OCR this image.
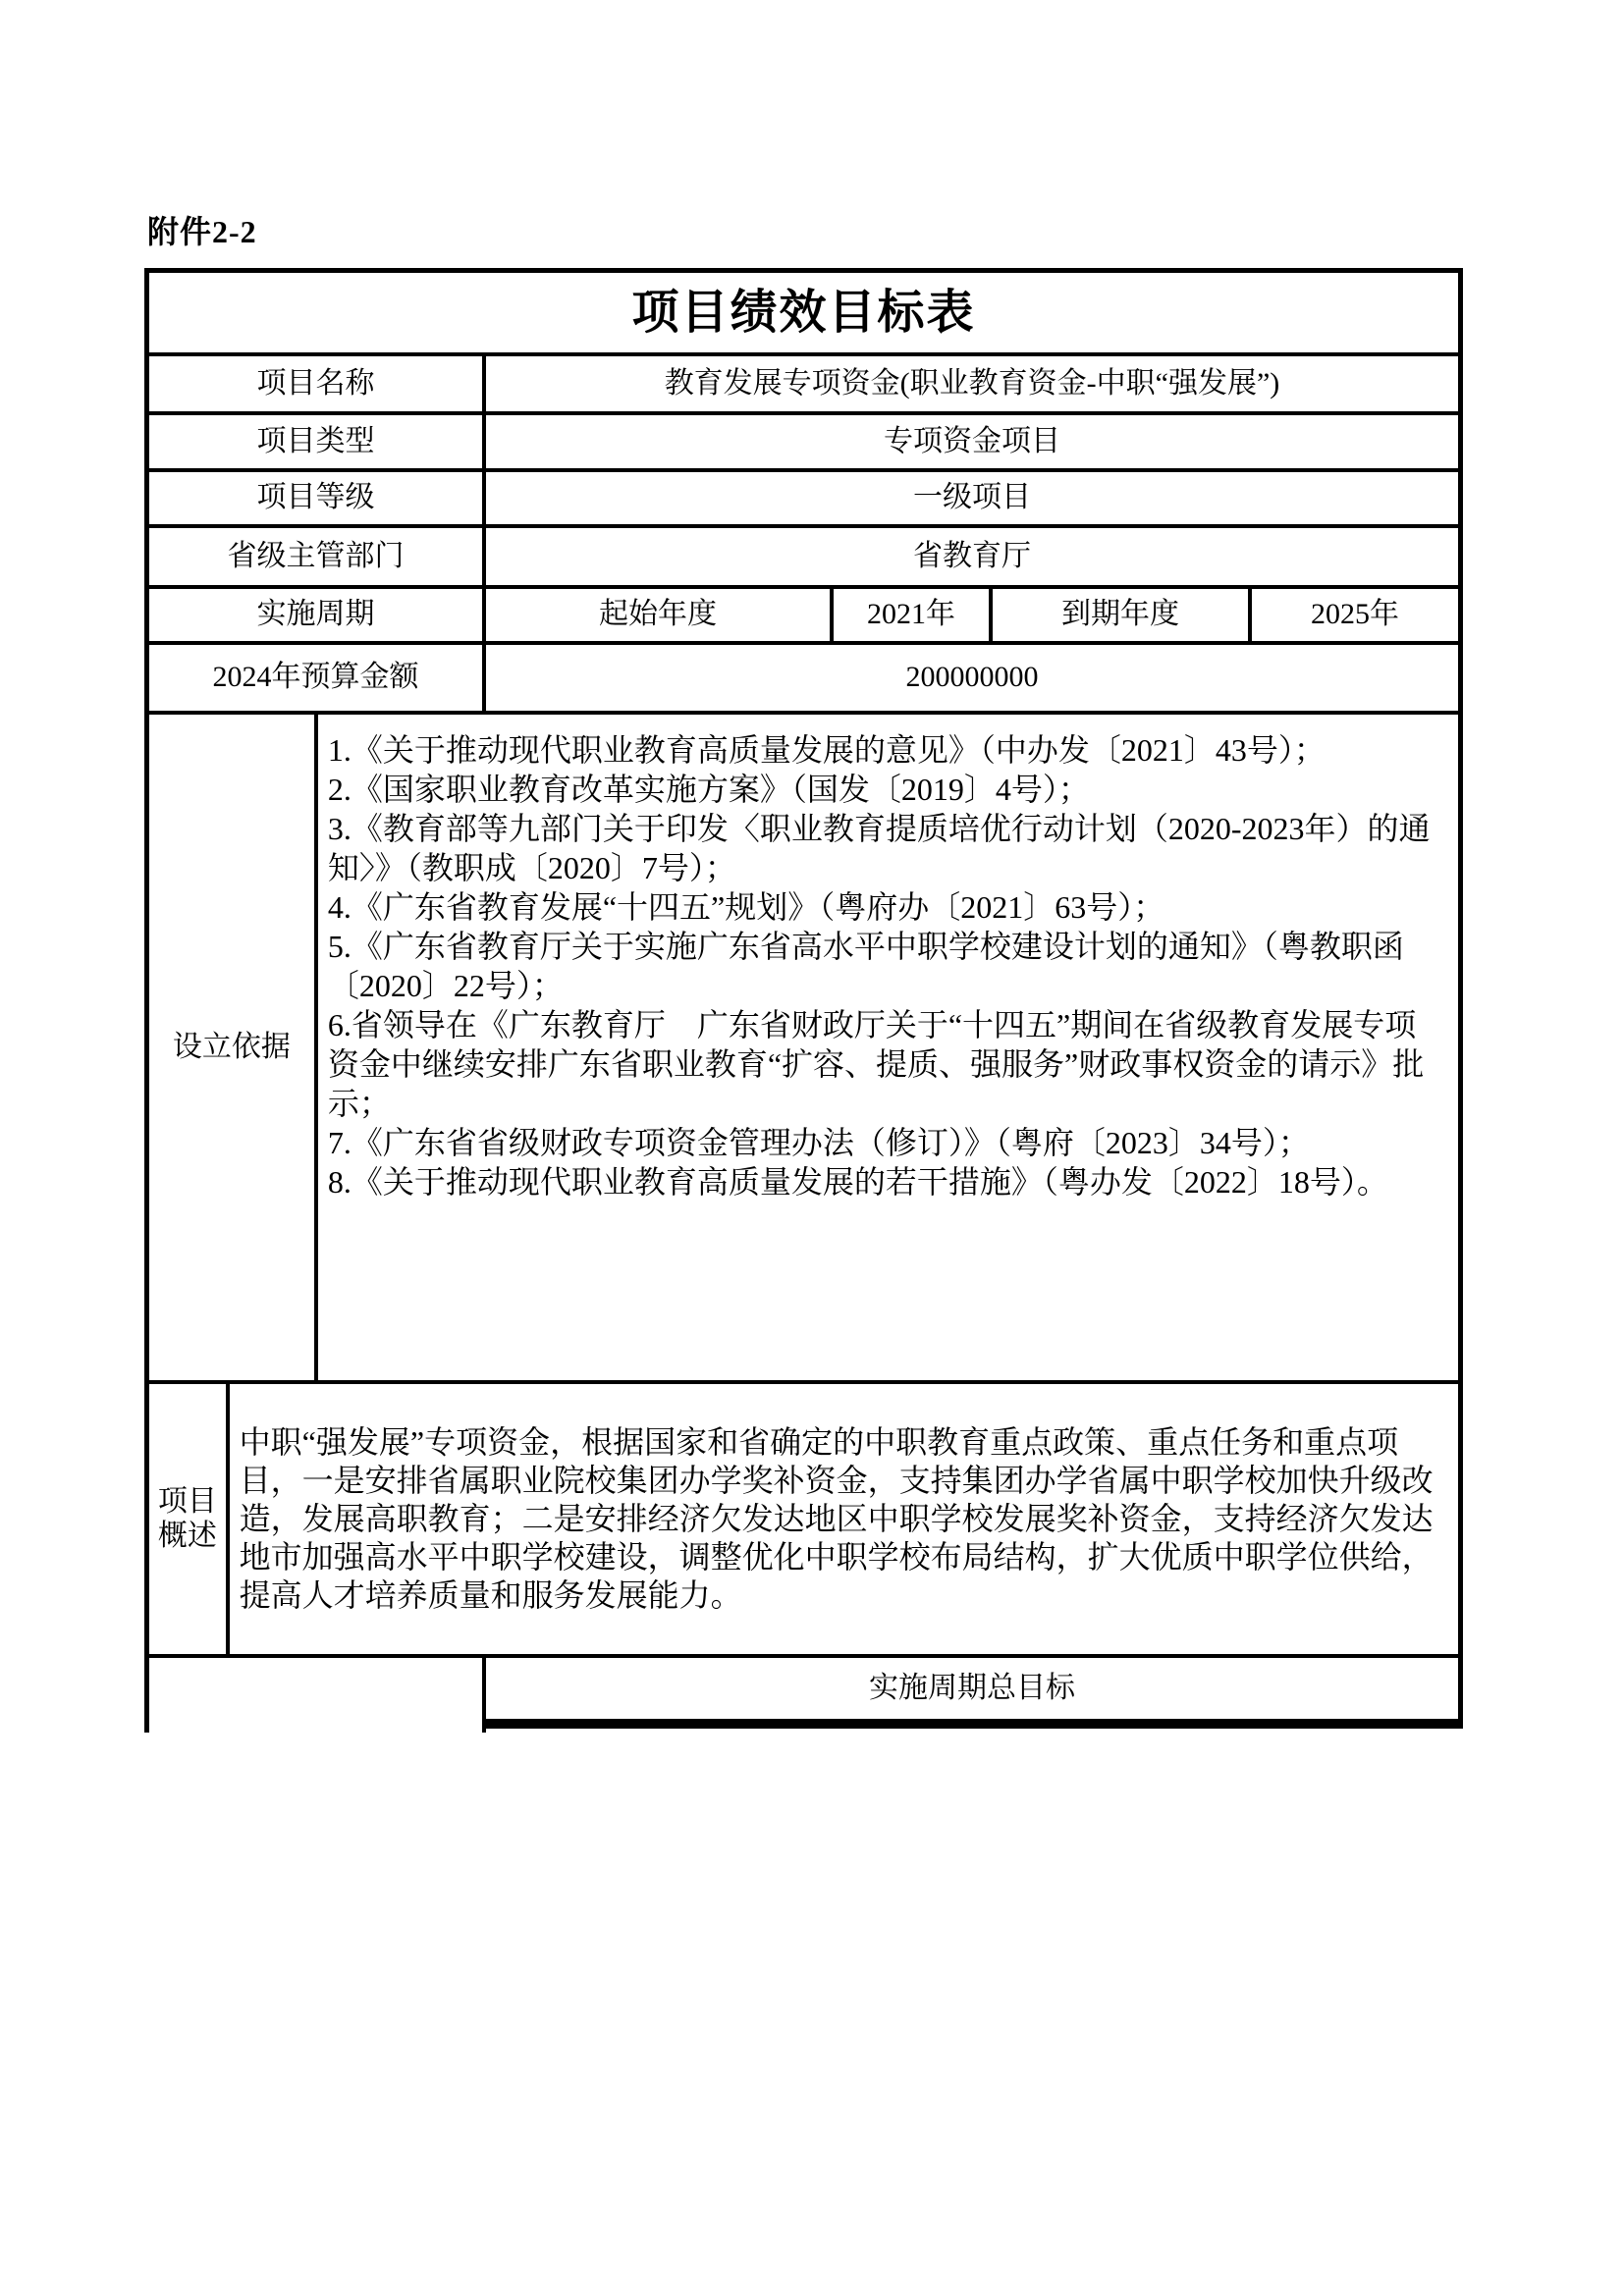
附件2-2
项目绩效目标表
项目名称	教育发展专项资金(职业教育资金-中职“强发展”)
项目类型	专项资金项目
项目等级	一级项目
省级主管部门	省教育厅
实施周期	起始年度	2021年	到期年度	2025年
2024年预算金额	200000000
设立依据
1.《关于推动现代职业教育高质量发展的意见》（中办发〔2021〕43号）；
2.《国家职业教育改革实施方案》（国发〔2019〕4号）；
3.《教育部等九部门关于印发〈职业教育提质培优行动计划（2020-2023年）的通知〉》（教职成〔2020〕7号）；
4.《广东省教育发展“十四五”规划》（粤府办〔2021〕63号）；
5.《广东省教育厅关于实施广东省高水平中职学校建设计划的通知》（粤教职函〔2020〕22号）；
6.省领导在《广东教育厅　广东省财政厅关于“十四五”期间在省级教育发展专项资金中继续安排广东省职业教育“扩容、提质、强服务”财政事权资金的请示》批示；
7.《广东省省级财政专项资金管理办法（修订）》（粤府〔2023〕34号）；
8.《关于推动现代职业教育高质量发展的若干措施》（粤办发〔2022〕18号）。
项目概述
中职“强发展”专项资金，根据国家和省确定的中职教育重点政策、重点任务和重点项目，一是安排省属职业院校集团办学奖补资金，支持集团办学省属中职学校加快升级改造，发展高职教育；二是安排经济欠发达地区中职学校发展奖补资金，支持经济欠发达地市加强高水平中职学校建设，调整优化中职学校布局结构，扩大优质中职学位供给，提高人才培养质量和服务发展能力。
实施周期总目标
